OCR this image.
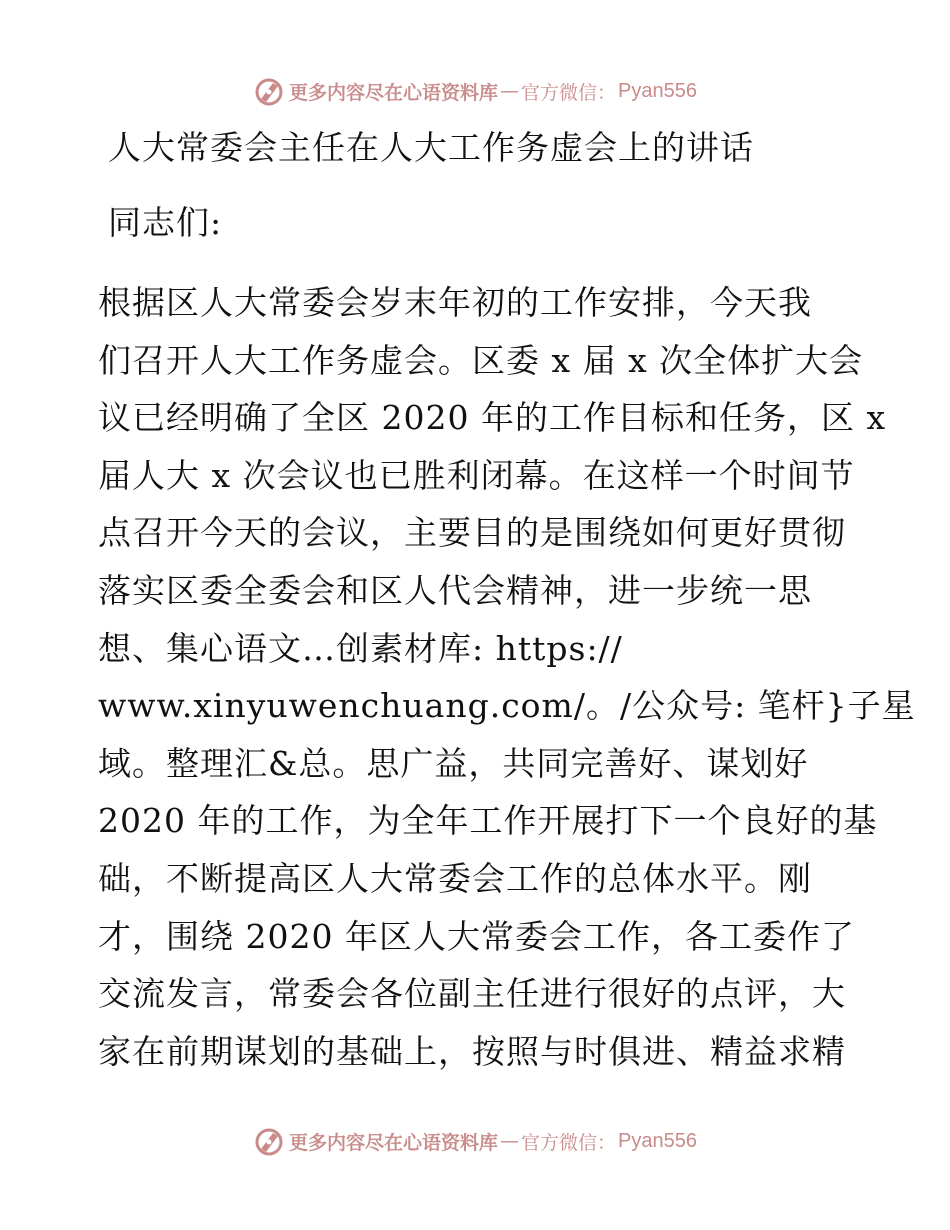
更多内容尽在心语资料库 — 官方微信： Pyan556
人大常委会主任在人大工作务虚会上的讲话
同志们:
根据区人大常委会岁末年初的工作安排，今天我
们召开人大工作务虚会。区委 x 届 x 次全体扩大会
议已经明确了全区 2020 年的工作目标和任务，区 x
届人大 x 次会议也已胜利闭幕。在这样一个时间节
点召开今天的会议，主要目的是围绕如何更好贯彻
落实区委全委会和区人代会精神，进一步统一思
想、集心语文…创素材库: https://
www.xinyuwenchuang.com/。/公众号: 笔杆}子星
域。整理汇&总。思广益，共同完善好、谋划好
2020 年的工作，为全年工作开展打下一个良好的基
础，不断提高区人大常委会工作的总体水平。刚
才，围绕 2020 年区人大常委会工作，各工委作了
交流发言，常委会各位副主任进行很好的点评，大
家在前期谋划的基础上，按照与时俱进、精益求精
更多内容尽在心语资料库 — 官方微信： Pyan556
